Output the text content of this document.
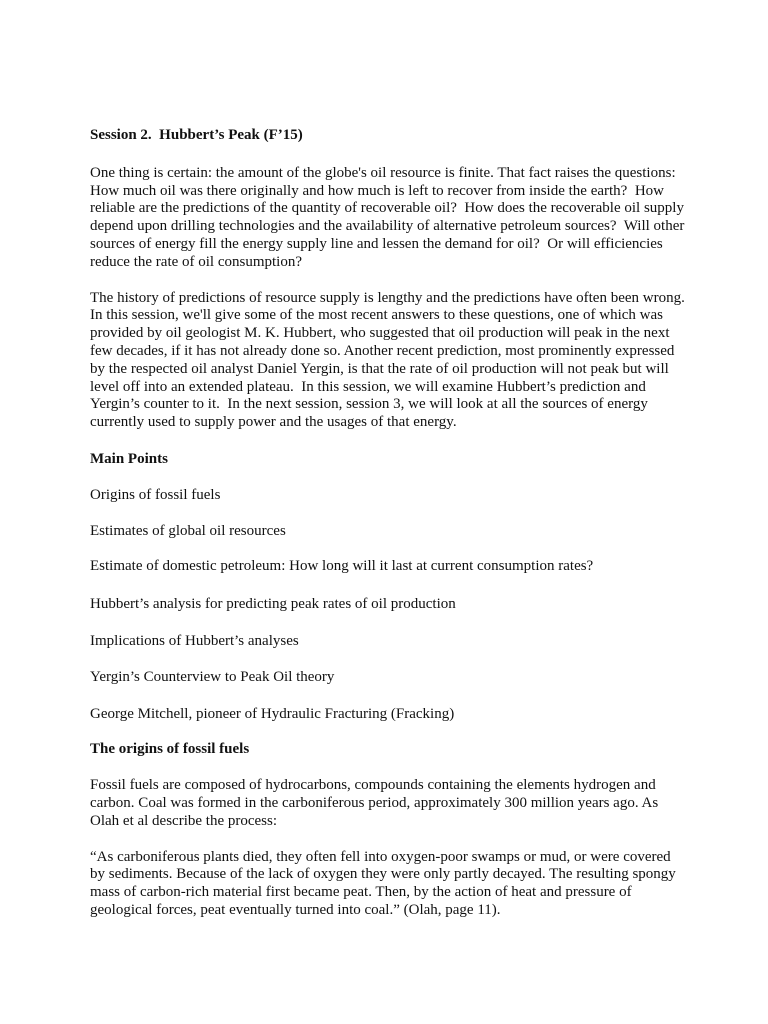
Session 2.  Hubbert’s Peak (F’15)

One thing is certain: the amount of the globe's oil resource is finite. That fact raises the questions: How much oil was there originally and how much is left to recover from inside the earth?  How reliable are the predictions of the quantity of recoverable oil?  How does the recoverable oil supply depend upon drilling technologies and the availability of alternative petroleum sources?  Will other sources of energy fill the energy supply line and lessen the demand for oil?  Or will efficiencies reduce the rate of oil consumption?

The history of predictions of resource supply is lengthy and the predictions have often been wrong. In this session, we'll give some of the most recent answers to these questions, one of which was provided by oil geologist M. K. Hubbert, who suggested that oil production will peak in the next few decades, if it has not already done so. Another recent prediction, most prominently expressed by the respected oil analyst Daniel Yergin, is that the rate of oil production will not peak but will level off into an extended plateau.  In this session, we will examine Hubbert’s prediction and Yergin’s counter to it.  In the next session, session 3, we will look at all the sources of energy currently used to supply power and the usages of that energy.

Main Points

Origins of fossil fuels

Estimates of global oil resources

Estimate of domestic petroleum: How long will it last at current consumption rates?

Hubbert’s analysis for predicting peak rates of oil production

Implications of Hubbert’s analyses

Yergin’s Counterview to Peak Oil theory

George Mitchell, pioneer of Hydraulic Fracturing (Fracking)

The origins of fossil fuels

Fossil fuels are composed of hydrocarbons, compounds containing the elements hydrogen and carbon. Coal was formed in the carboniferous period, approximately 300 million years ago. As Olah et al describe the process:

“As carboniferous plants died, they often fell into oxygen-poor swamps or mud, or were covered by sediments. Because of the lack of oxygen they were only partly decayed. The resulting spongy mass of carbon-rich material first became peat. Then, by the action of heat and pressure of geological forces, peat eventually turned into coal.” (Olah, page 11).
